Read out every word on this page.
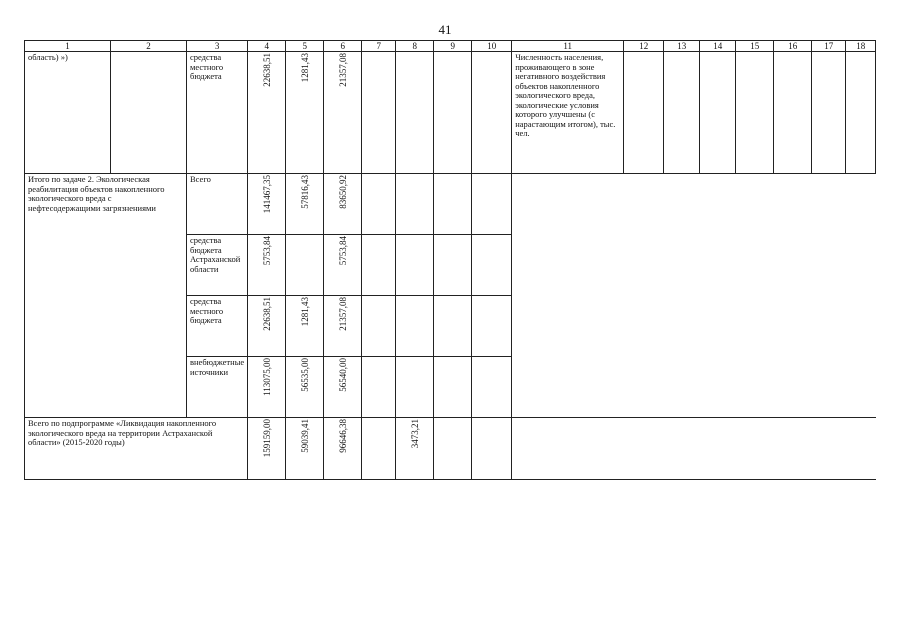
41
1	2	3	4	5	6	7	8	9	10	11	12	13	14	15	16	17	18
область) »)		средства местного бюджета	22638,51	1281,43	21357,08					Численность населения, проживающего в зоне негативного воздействия объектов накопленного экологического вреда, экологические условия которого улучшены (с нарастающим итогом), тыс. чел.							
Итого по задаче 2. Экологическая реабилитация объектов накопленного экологического вреда с нефтесодержащими загрязнениями		Всего	141467,35	57816,43	83650,92												
		средства бюджета Астраханской области	5753,84		5753,84												
		средства местного бюджета	22638,51	1281,43	21357,08												
		внебюджетные источники	113075,00	56535,00	56540,00												
Всего по подпрограмме «Ликвидация накопленного экологического вреда на территории Астраханской области» (2015-2020 годы)			159159,00	59039,41	96646,38		3473,21										
